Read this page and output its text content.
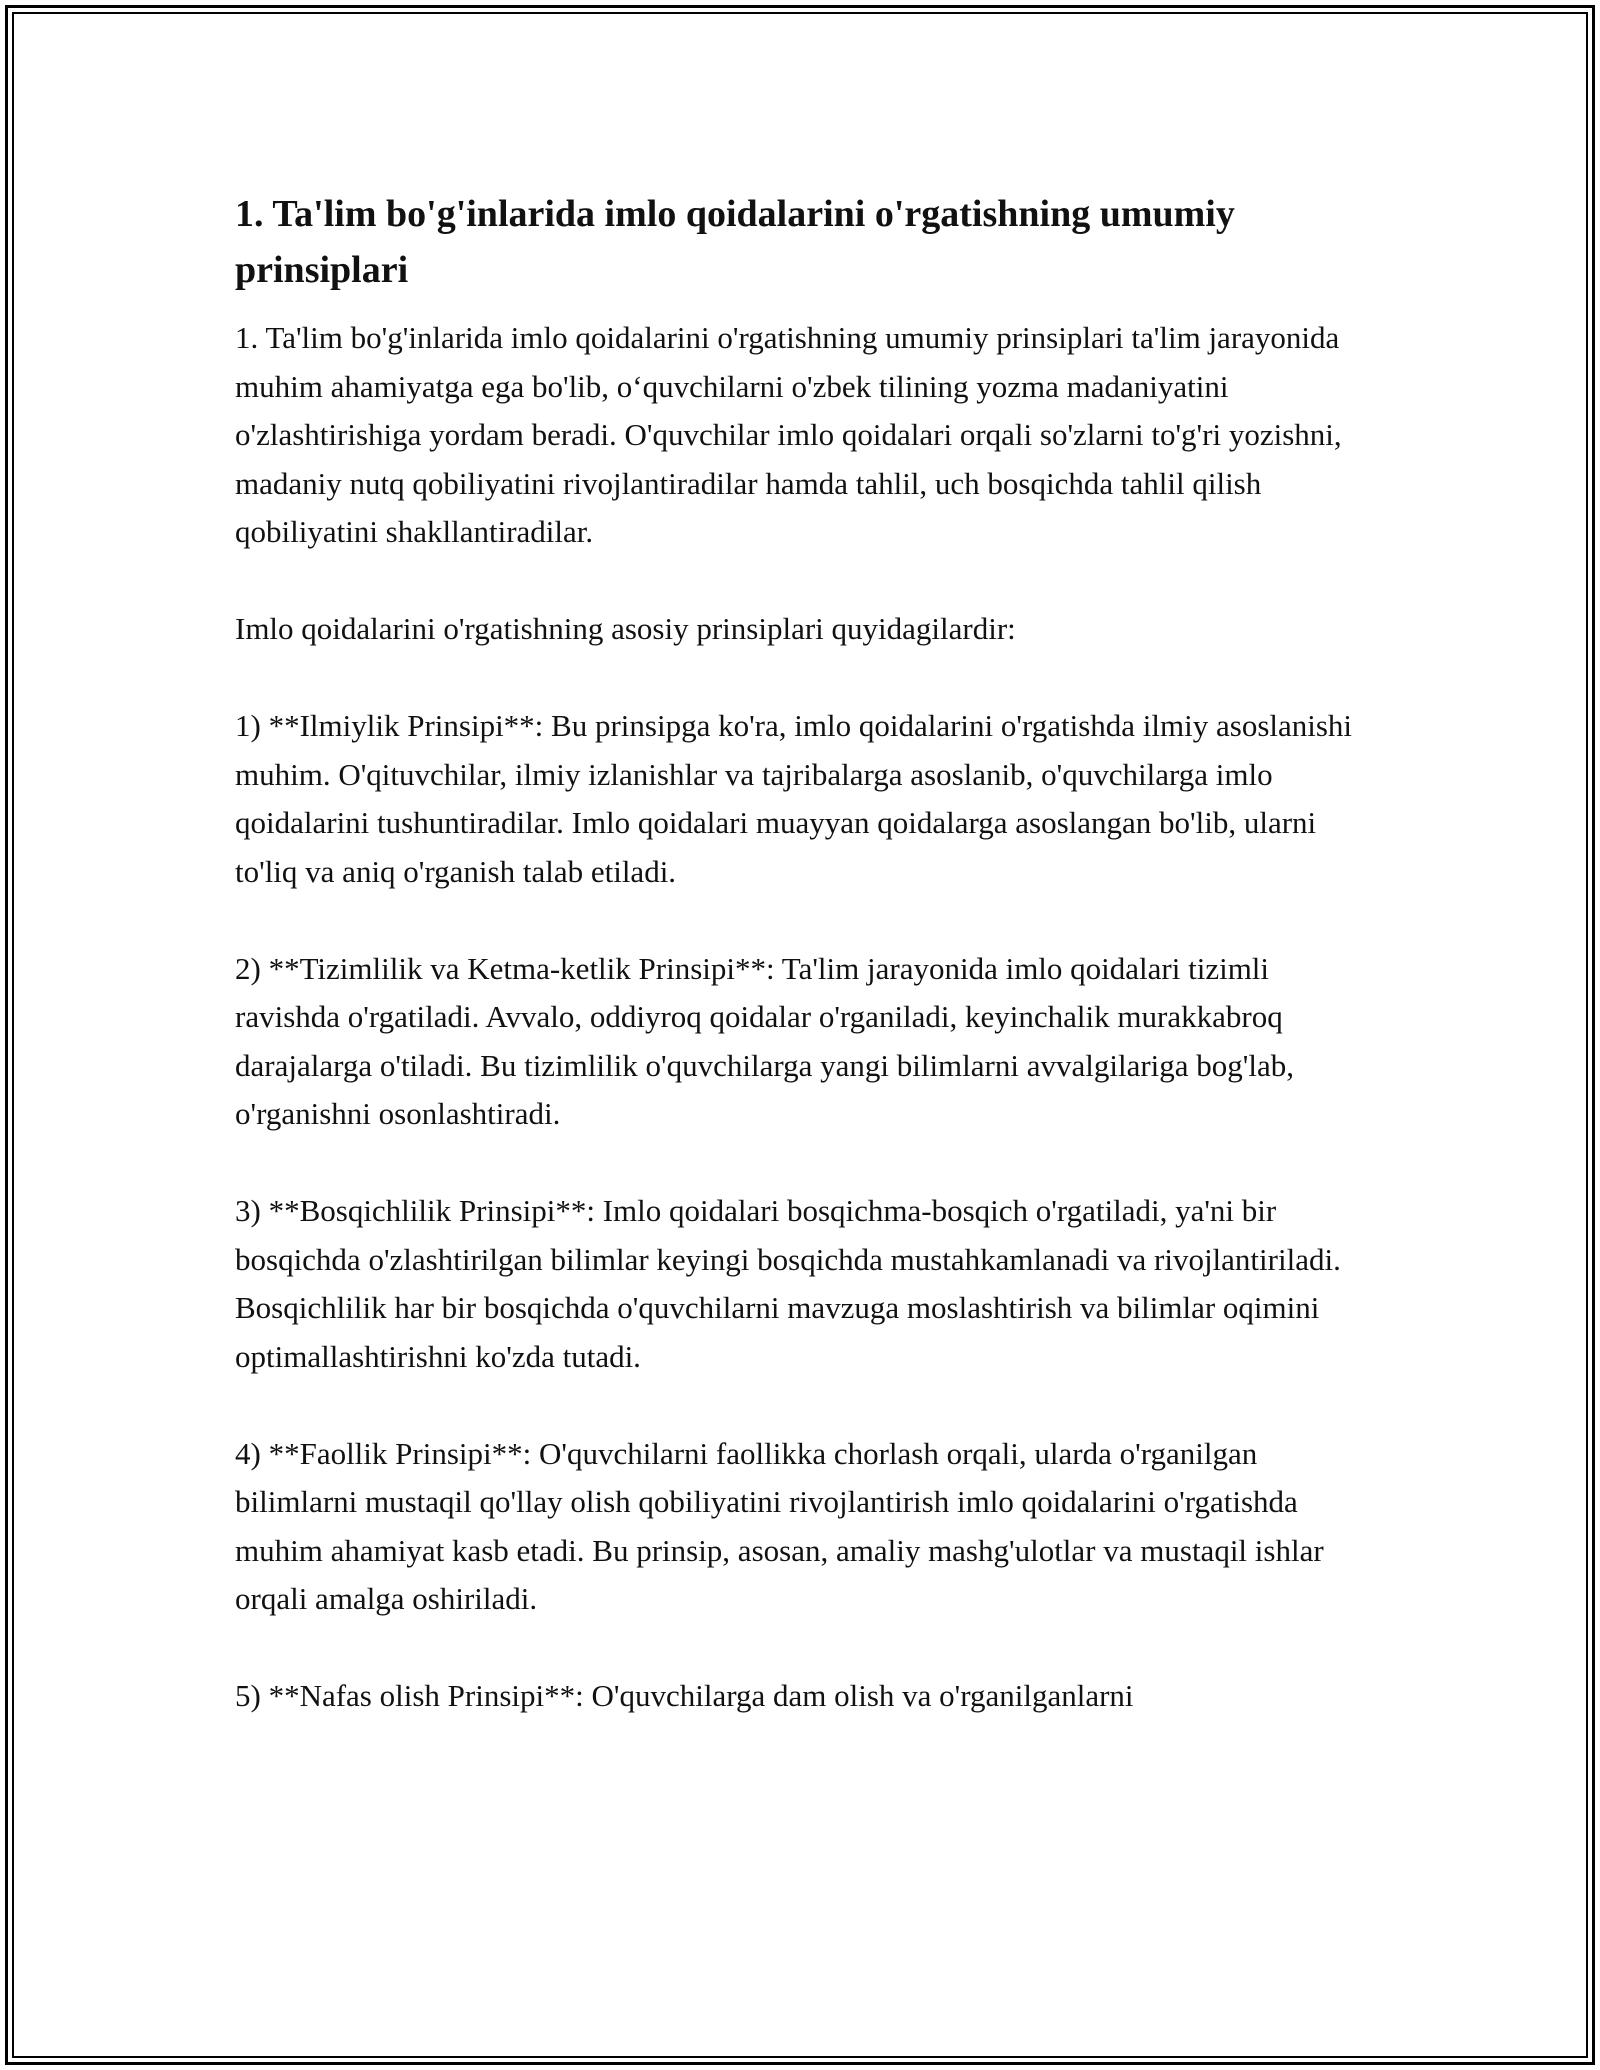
1. Ta'lim bo'g'inlarida imlo qoidalarini o'rgatishning umumiy prinsiplari

1. Ta'lim bo'g'inlarida imlo qoidalarini o'rgatishning umumiy prinsiplari ta'lim jarayonida muhim ahamiyatga ega bo'lib, o‘quvchilarni o'zbek tilining yozma madaniyatini o'zlashtirishiga yordam beradi. O'quvchilar imlo qoidalari orqali so'zlarni to'g'ri yozishni, madaniy nutq qobiliyatini rivojlantiradilar hamda tahlil, uch bosqichda tahlil qilish qobiliyatini shakllantiradilar.

Imlo qoidalarini o'rgatishning asosiy prinsiplari quyidagilardir:

1) **Ilmiylik Prinsipi**: Bu prinsipga ko'ra, imlo qoidalarini o'rgatishda ilmiy asoslanishi muhim. O'qituvchilar, ilmiy izlanishlar va tajribalarga asoslanib, o'quvchilarga imlo qoidalarini tushuntiradilar. Imlo qoidalari muayyan qoidalarga asoslangan bo'lib, ularni to'liq va aniq o'rganish talab etiladi.

2) **Tizimlilik va Ketma-ketlik Prinsipi**: Ta'lim jarayonida imlo qoidalari tizimli ravishda o'rgatiladi. Avvalo, oddiyroq qoidalar o'rganiladi, keyinchalik murakkabroq darajalarga o'tiladi. Bu tizimlilik o'quvchilarga yangi bilimlarni avvalgilariga bog'lab, o'rganishni osonlashtiradi.

3) **Bosqichlilik Prinsipi**: Imlo qoidalari bosqichma-bosqich o'rgatiladi, ya'ni bir bosqichda o'zlashtirilgan bilimlar keyingi bosqichda mustahkamlanadi va rivojlantiriladi. Bosqichlilik har bir bosqichda o'quvchilarni mavzuga moslashtirish va bilimlar oqimini optimallashtirishni ko'zda tutadi.

4) **Faollik Prinsipi**: O'quvchilarni faollikka chorlash orqali, ularda o'rganilgan bilimlarni mustaqil qo'llay olish qobiliyatini rivojlantirish imlo qoidalarini o'rgatishda muhim ahamiyat kasb etadi. Bu prinsip, asosan, amaliy mashg'ulotlar va mustaqil ishlar orqali amalga oshiriladi.

5) **Nafas olish Prinsipi**: O'quvchilarga dam olish va o'rganilganlarni
